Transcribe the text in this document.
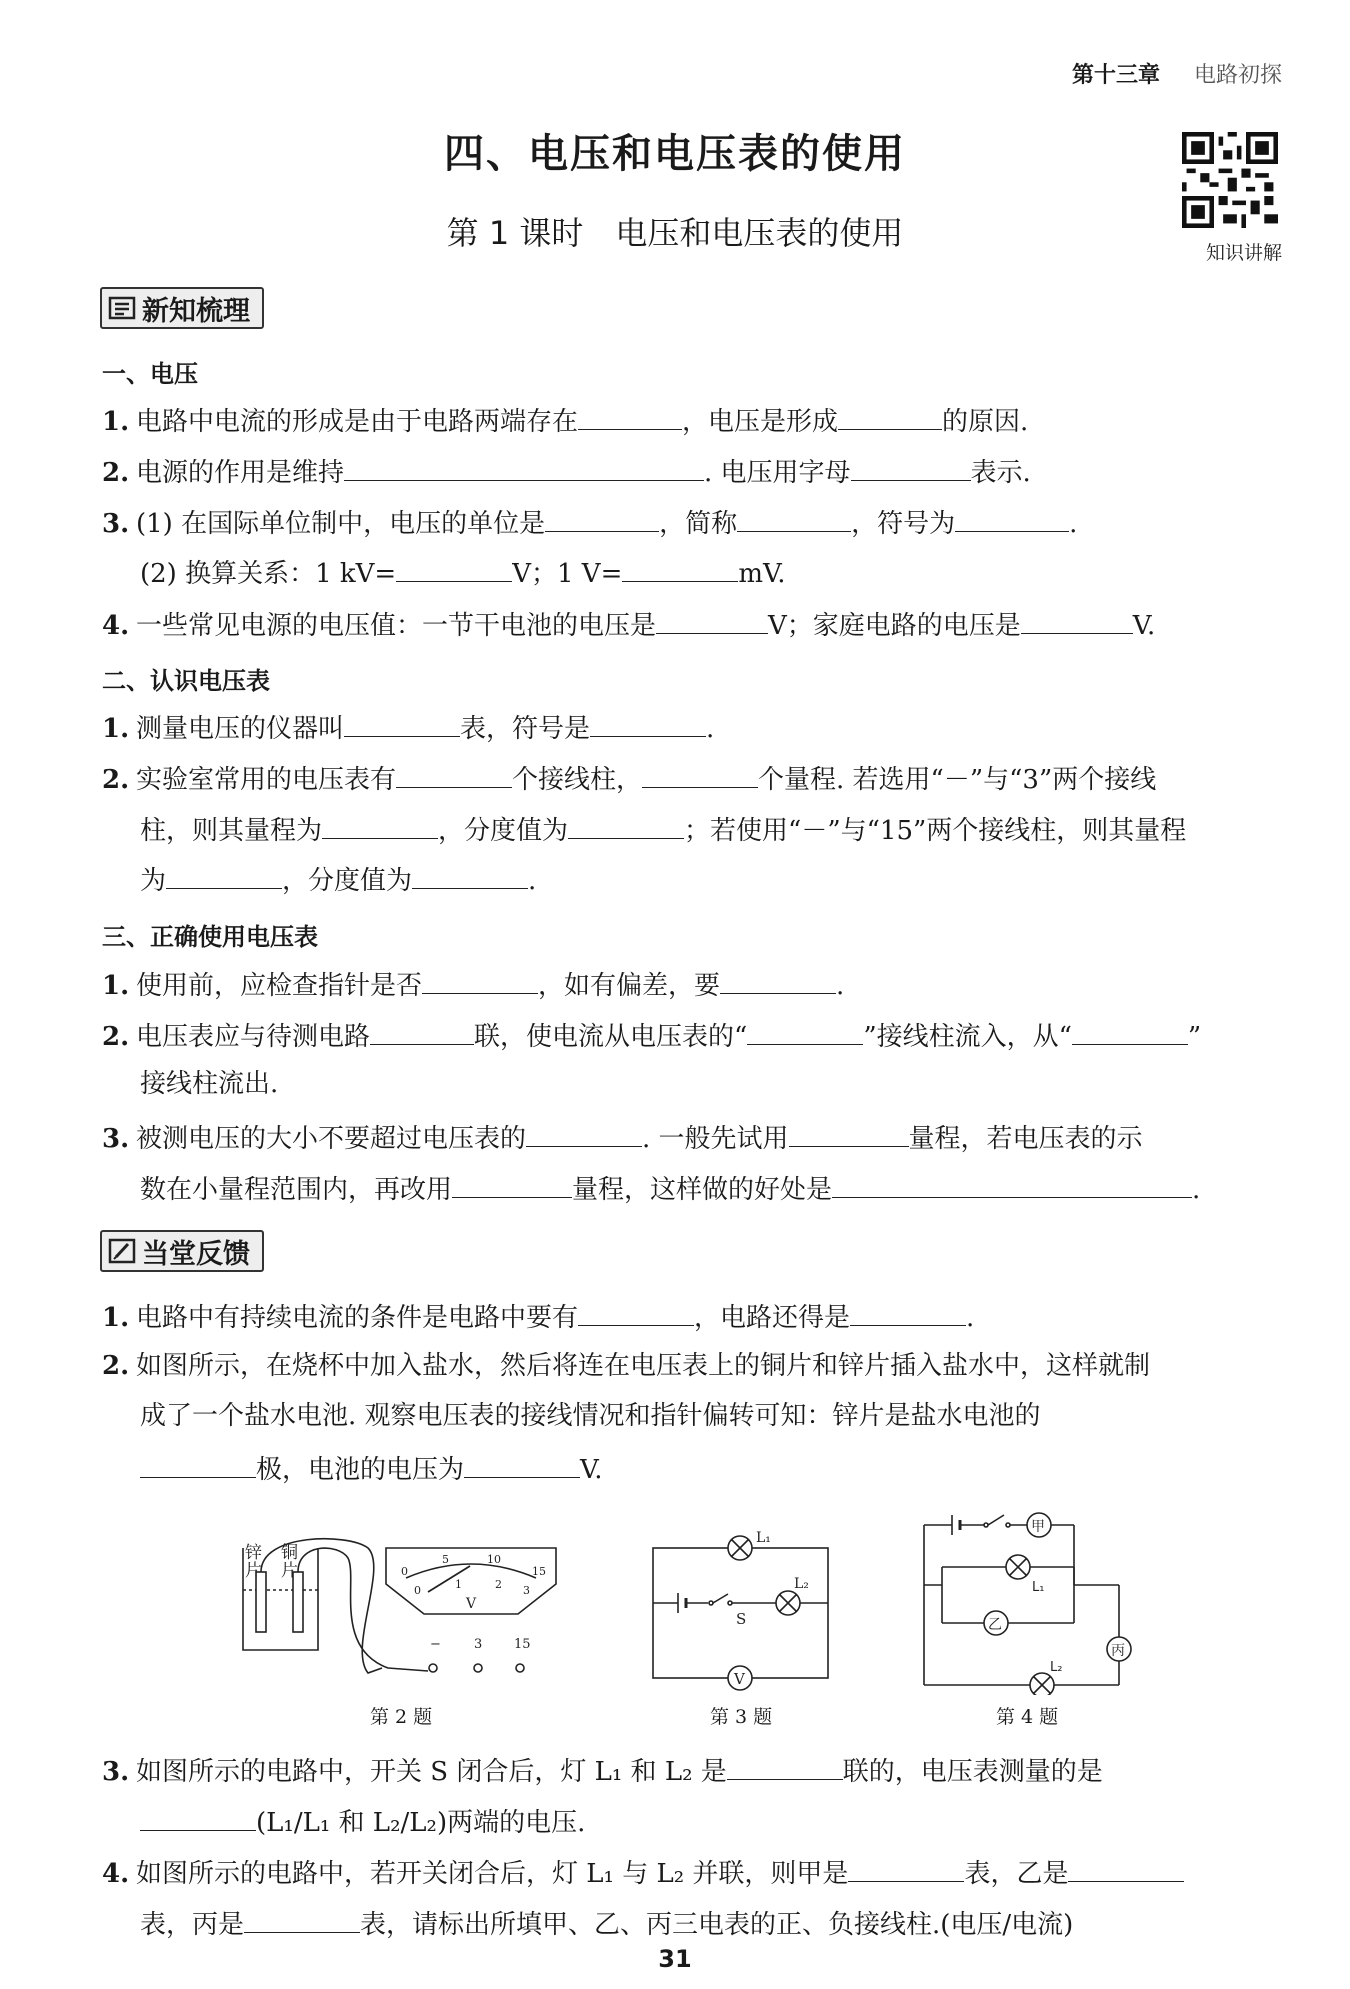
第十三章 电路初探
四、电压和电压表的使用
第 1 课时　电压和电压表的使用
知识讲解
新知梳理
一、电压
1. 电路中电流的形成是由于电路两端存在	，电压是形成	的原因.
2. 电源的作用是维持	. 电压用字母	表示.
3. (1) 在国际单位制中，电压的单位是	，简称	，符号为	.
(2) 换算关系：1 kV=	V；1 V=	mV.
4. 一些常见电源的电压值：一节干电池的电压是	V；家庭电路的电压是	V.
二、认识电压表
1. 测量电压的仪器叫	表，符号是	.
2. 实验室常用的电压表有	个接线柱，	个量程. 若选用“－”与“3”两个接线
柱，则其量程为	，分度值为	；若使用“－”与“15”两个接线柱，则其量程
为	，分度值为	.
三、正确使用电压表
1. 使用前，应检查指针是否	，如有偏差，要	.
2. 电压表应与待测电路	联，使电流从电压表的“	”接线柱流入，从“	”
接线柱流出.
3. 被测电压的大小不要超过电压表的	. 一般先试用	量程，若电压表的示
数在小量程范围内，再改用	量程，这样做的好处是	.
当堂反馈
1. 电路中有持续电流的条件是电路中要有	，电路还得是	.
2. 如图所示，在烧杯中加入盐水，然后将连在电压表上的铜片和锌片插入盐水中，这样就制
成了一个盐水电池. 观察电压表的接线情况和指针偏转可知：锌片是盐水电池的
极，电池的电压为	V.
锌
片
铜
片	0
5	10
15
0	1	2 3
V
−	3 15
第 2 题
S
L₂
L₁
V
第 3 题
甲
L₁
乙
丙
L₂
第 4 题
3. 如图所示的电路中，开关 S 闭合后，灯 L₁ 和 L₂ 是	联的，电压表测量的是
(L₁/L₁ 和 L₂/L₂)两端的电压.
4. 如图所示的电路中，若开关闭合后，灯 L₁ 与 L₂ 并联，则甲是	表，乙是
表，丙是	表，请标出所填甲、乙、丙三电表的正、负接线柱.(电压/电流)
31
